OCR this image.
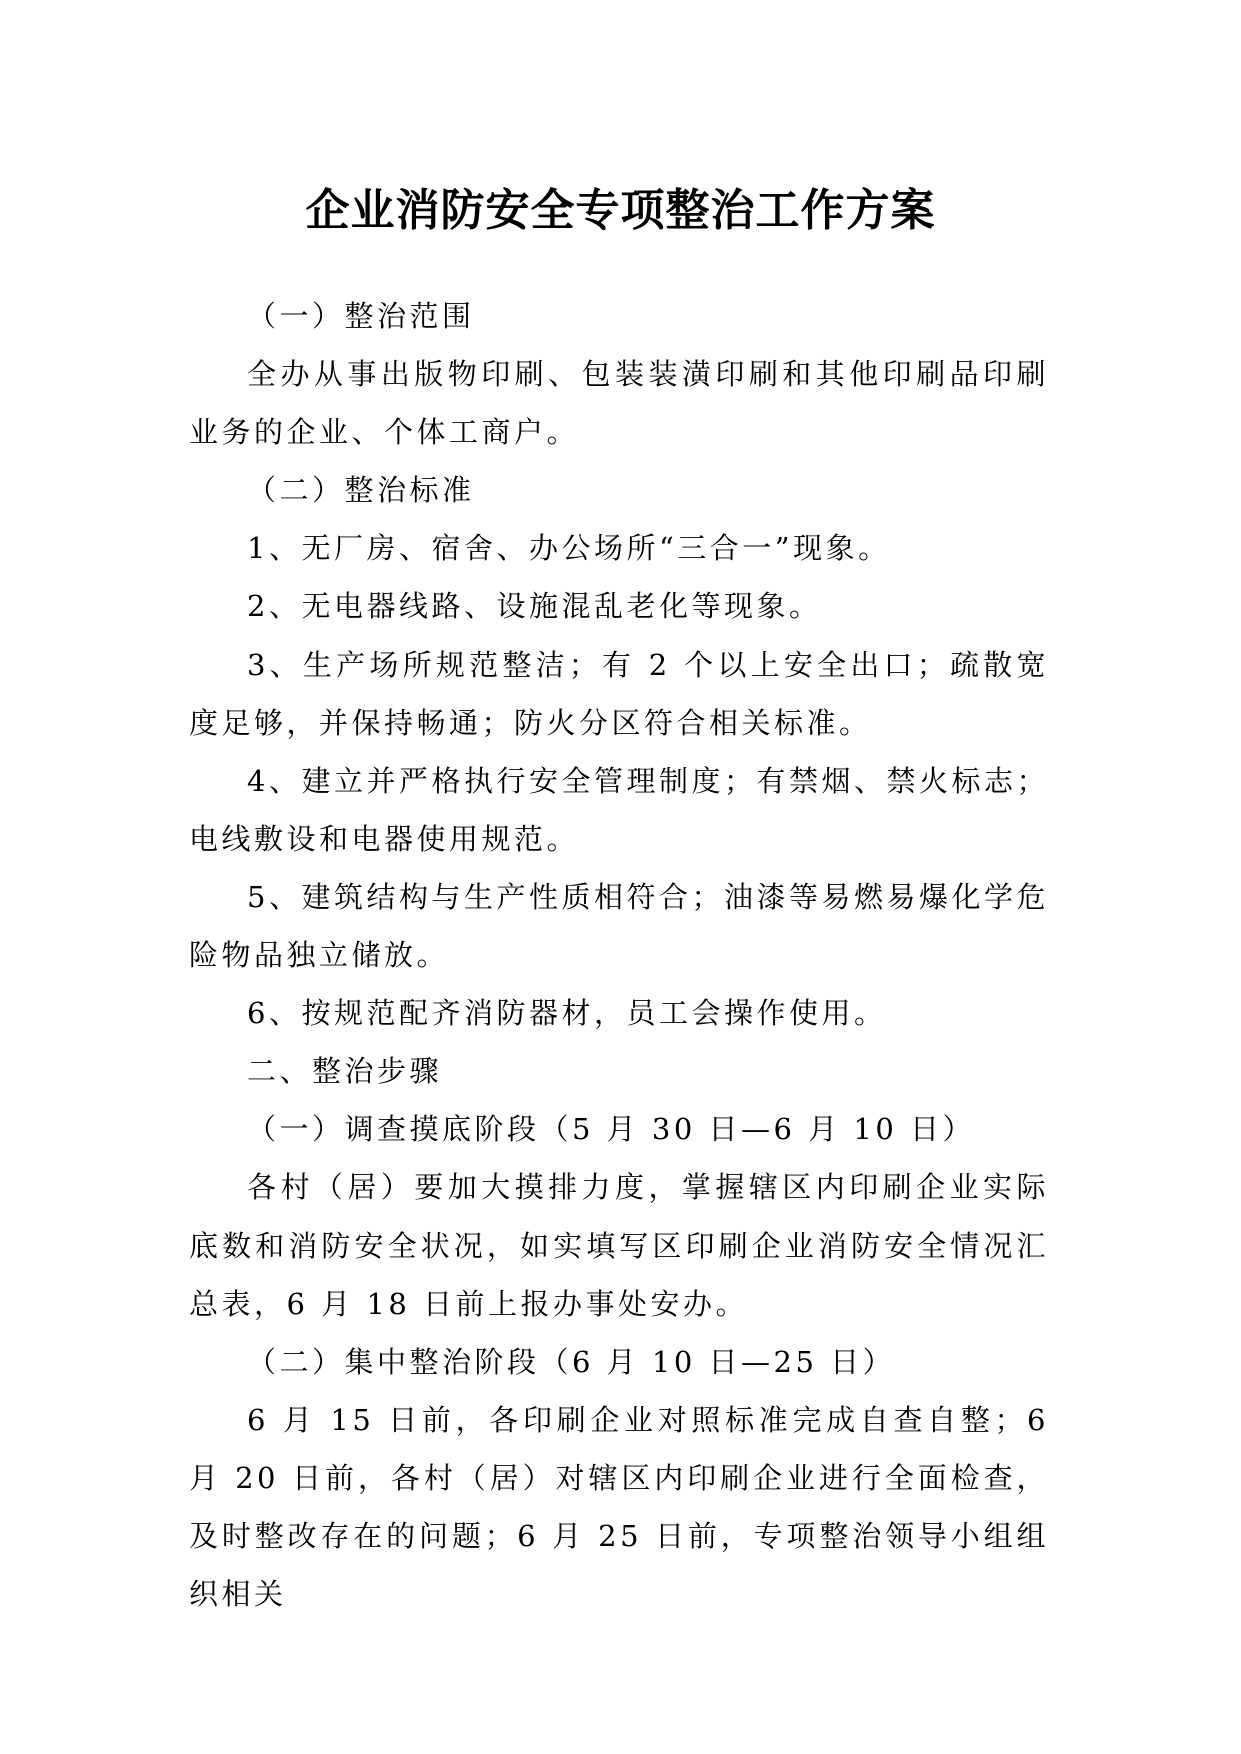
企业消防安全专项整治工作方案

（一）整治范围

全办从事出版物印刷、包装装潢印刷和其他印刷品印刷业务的企业、个体工商户。

（二）整治标准

1、无厂房、宿舍、办公场所“三合一”现象。

2、无电器线路、设施混乱老化等现象。

3、生产场所规范整洁；有 2 个以上安全出口；疏散宽度足够，并保持畅通；防火分区符合相关标准。

4、建立并严格执行安全管理制度；有禁烟、禁火标志；电线敷设和电器使用规范。

5、建筑结构与生产性质相符合；油漆等易燃易爆化学危险物品独立储放。

6、按规范配齐消防器材，员工会操作使用。

二、整治步骤

（一）调查摸底阶段（5 月 30 日—6 月 10 日）

各村（居）要加大摸排力度，掌握辖区内印刷企业实际底数和消防安全状况，如实填写区印刷企业消防安全情况汇总表，6 月 18 日前上报办事处安办。

（二）集中整治阶段（6 月 10 日—25 日）

6 月 15 日前，各印刷企业对照标准完成自查自整；6 月 20 日前，各村（居）对辖区内印刷企业进行全面检查，及时整改存在的问题；6 月 25 日前，专项整治领导小组组织相关
